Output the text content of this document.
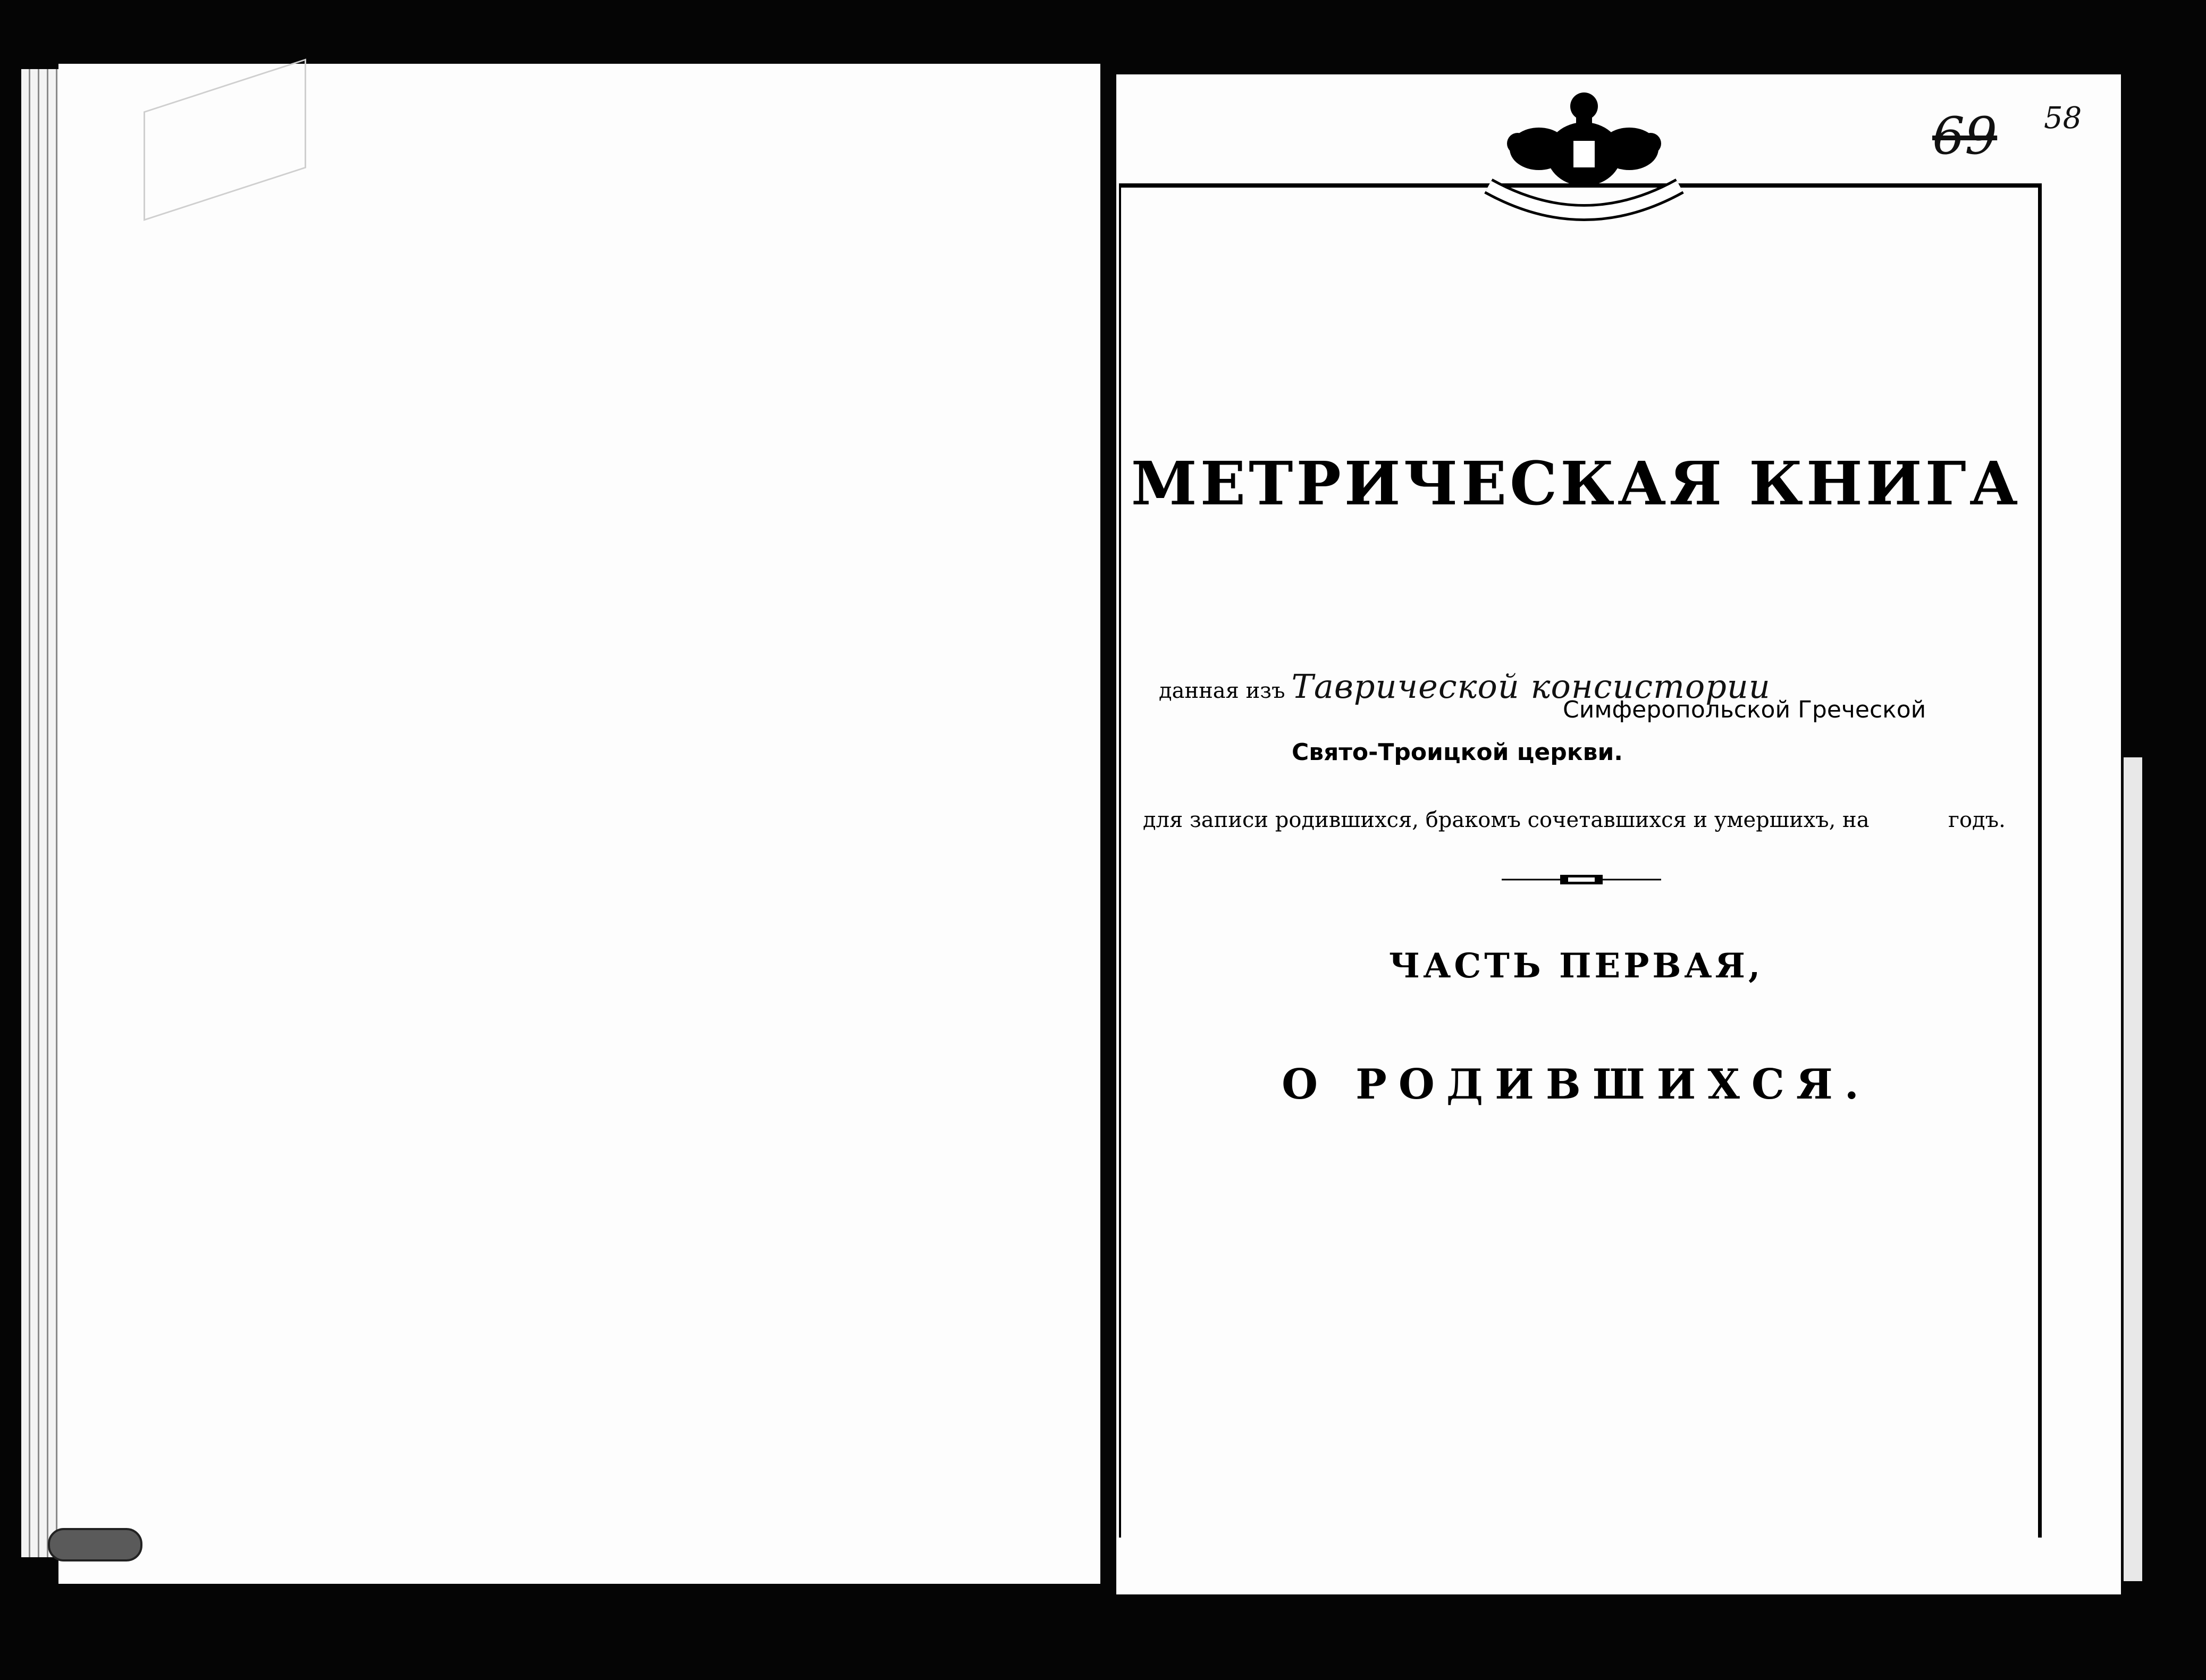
69 58
МЕТРИЧЕСКАЯ КНИГА
данная изъ Таврической консистории
Симферопольской Греческой
Свято-Троицкой церкви.
для записи родившихся, бракомъ сочетавшихся и умершихъ, на	годъ.
ЧАСТЬ ПЕРВАЯ,
О РОДИВШИХСЯ.
